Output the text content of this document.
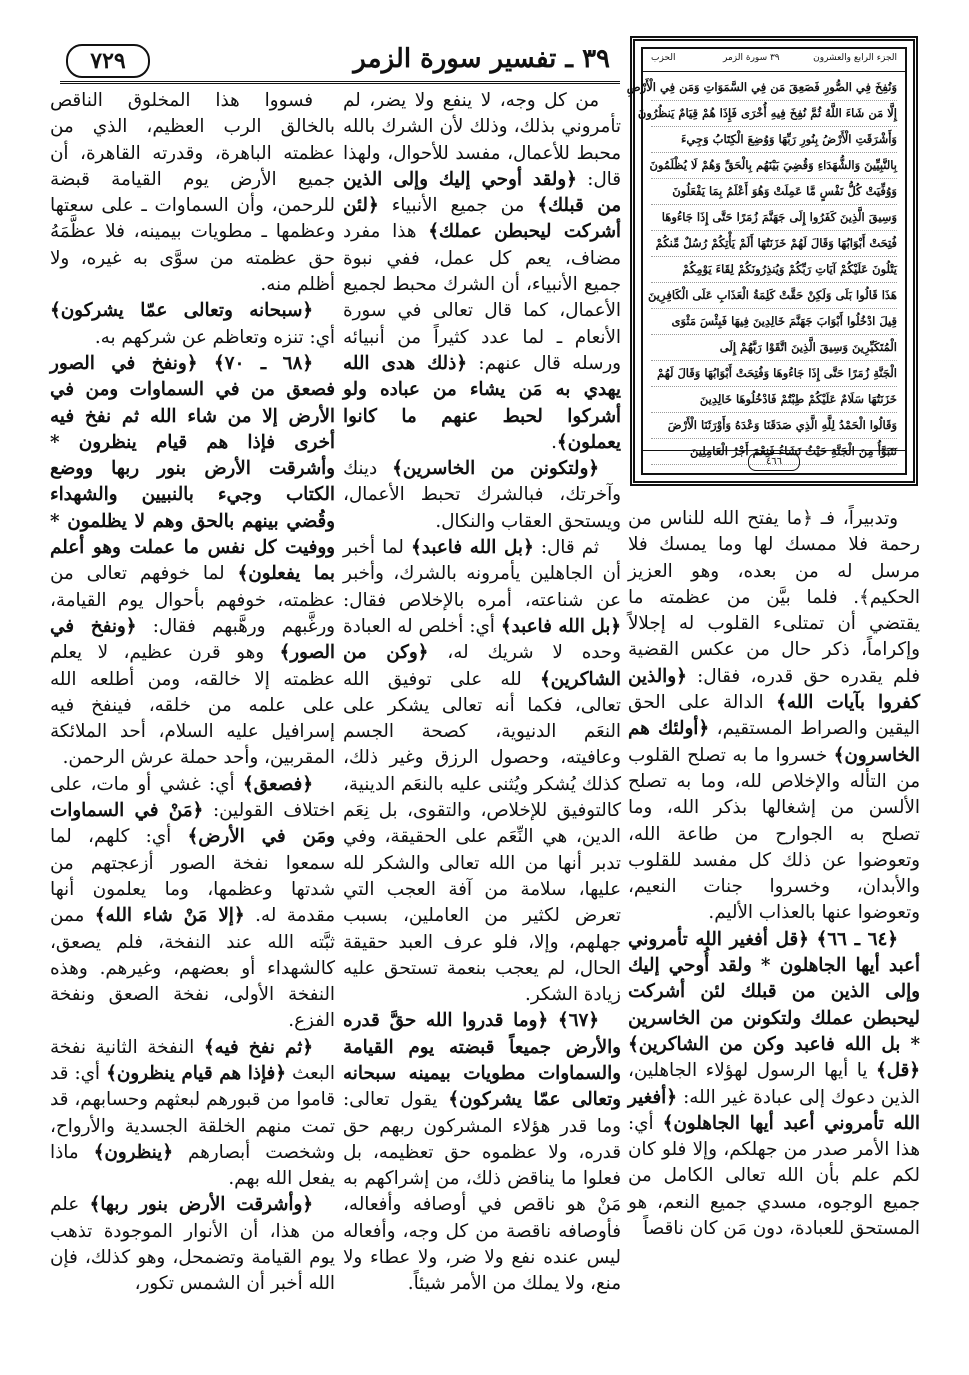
٣٩ ـ تفسير سورة الزمر
٧٢٩	الجزء الرابع والعشرون
٣٩ سورة الزمر
الحزب
وَنُفِخَ فِي الصُّورِ فَصَعِقَ مَن فِي السَّمَوَاتِ وَمَن فِي الْأَرْضِ
إِلَّا مَن شَاءَ اللَّهُ ثُمَّ نُفِخَ فِيهِ أُخْرَى فَإِذَا هُمْ قِيَامٌ يَنظُرُونَ
وَأَشْرَقَتِ الْأَرْضُ بِنُورِ رَبِّهَا وَوُضِعَ الْكِتَابُ وَجِيءَ
بِالنَّبِيِّينَ وَالشُّهَدَاءِ وَقُضِيَ بَيْنَهُم بِالْحَقِّ وَهُمْ لَا يُظْلَمُونَ
وَوُفِّيَتْ كُلُّ نَفْسٍ مَّا عَمِلَتْ وَهُوَ أَعْلَمُ بِمَا يَفْعَلُونَ
وَسِيقَ الَّذِينَ كَفَرُوا إِلَى جَهَنَّمَ زُمَرًا حَتَّى إِذَا جَاءُوهَا
فُتِحَتْ أَبْوَابُهَا وَقَالَ لَهُمْ خَزَنَتُهَا أَلَمْ يَأْتِكُمْ رُسُلٌ مِّنكُمْ
يَتْلُونَ عَلَيْكُمْ آيَاتِ رَبِّكُمْ وَيُنذِرُونَكُمْ لِقَاءَ يَوْمِكُمْ
هَذَا قَالُوا بَلَى وَلَكِنْ حَقَّتْ كَلِمَةُ الْعَذَابِ عَلَى الْكَافِرِينَ
قِيلَ ادْخُلُوا أَبْوَابَ جَهَنَّمَ خَالِدِينَ فِيهَا فَبِئْسَ مَثْوَى
الْمُتَكَبِّرِينَ وَسِيقَ الَّذِينَ اتَّقَوْا رَبَّهُمْ إِلَى
الْجَنَّةِ زُمَرًا حَتَّى إِذَا جَاءُوهَا وَفُتِحَتْ أَبْوَابُهَا وَقَالَ لَهُمْ
خَزَنَتُهَا سَلَامٌ عَلَيْكُمْ طِبْتُمْ فَادْخُلُوهَا خَالِدِينَ
وَقَالُوا الْحَمْدُ لِلَّهِ الَّذِي صَدَقَنَا وَعْدَهُ وَأَوْرَثَنَا الْأَرْضَ
نَتَبَوَّأُ مِنَ الْجَنَّةِ حَيْثُ نَشَاءُ فَنِعْمَ أَجْرُ الْعَامِلِينَ
٤٦٦

وتدبيراً، فـ ﴿ما يفتح الله للناس من رحمة فلا ممسك لها وما يمسك فلا مرسل له من بعده، وهو العزيز الحكيم﴾. فلما بيَّن من عظمته ما يقتضي أن تمتلىء القلوب له إجلالاً وإكراماً، ذكر حال من عكس القضية فلم يقدره حق قدره، فقال: ﴿والذين كفروا بآيات الله﴾ الدالة على الحق اليقين والصراط المستقيم، ﴿أولئك هم الخاسرون﴾ خسروا ما به تصلح القلوب من التأله والإخلاص لله، وما به تصلح الألسن من إشغالها بذكر الله، وما تصلح به الجوارح من طاعة الله، وتعوضوا عن ذلك كل مفسد للقلوب والأبدان، وخسروا جنات النعيم، وتعوضوا عنها بالعذاب الأليم.

﴿٦٤ ـ ٦٦﴾ ﴿قل أفغير الله تأمروني أعبد أيها الجاهلون * ولقد أُوحي إليك وإلى الذين من قبلك لئن أشركت ليحبطن عملك ولتكونن من الخاسرين * بل الله فاعبد وكن من الشاكرين﴾ ﴿قل﴾ يا أيها الرسول لهؤلاء الجاهلين، الذين دعوك إلى عبادة غير الله: ﴿أفغير الله تأمروني أعبد أيها الجاهلون﴾ أي: هذا الأمر صدر من جهلكم، وإلا فلو كان لكم علم بأن الله تعالى الكامل من جميع الوجوه، مسدي جميع النعم، هو المستحق للعبادة، دون مَن كان ناقصاً

من كل وجه، لا ينفع ولا يضر، لم تأمروني بذلك، وذلك لأن الشرك بالله محبط للأعمال، مفسد للأحوال، ولهذا قال: ﴿ولقد أوحي إليك وإلى الذين من قبلك﴾ من جميع الأنبياء ﴿لئن أشركت ليحبطن عملك﴾ هذا مفرد مضاف، يعم كل عمل، ففي نبوة جميع الأنبياء، أن الشرك محبط لجميع الأعمال، كما قال تعالى في سورة الأنعام ـ لما عدد كثيراً من أنبيائه ورسله قال عنهم: ﴿ذلك هدى الله يهدي به مَن يشاء من عباده ولو أشركوا لحبط عنهم ما كانوا يعملون﴾.

﴿ولتكونن من الخاسرين﴾ دينك وآخرتك، فبالشرك تحبط الأعمال، ويستحق العقاب والنكال.

ثم قال: ﴿بل الله فاعبد﴾ لما أخبر أن الجاهلين يأمرونه بالشرك، وأخبر عن شناعته، أمره بالإخلاص فقال: ﴿بل الله فاعبد﴾ أي: أخلص له العبادة وحده لا شريك له، ﴿وكن من الشاكرين﴾ لله على توفيق الله تعالى، فكما أنه تعالى يشكر على النعَم الدنيوية، كصحة الجسم وعافيته، وحصول الرزق وغير ذلك، كذلك يُشكر ويُثنى عليه بالنعَم الدينية، كالتوفيق للإخلاص، والتقوى، بل نِعَم الدين، هي النِّعَم على الحقيقة، وفي تدبر أنها من الله تعالى والشكر لله عليها، سلامة من آفة العجب التي تعرض لكثير من العاملين، بسبب جهلهم، وإلا، فلو عرف العبد حقيقة الحال، لم يعجب بنعمة تستحق عليه زيادة الشكر.

﴿٦٧﴾ ﴿وما قدروا الله حقَّ قدره والأرض جميعاً قبضته يوم القيامة والسماوات مطويات بيمينه سبحانه وتعالى عمّا يشركون﴾ يقول تعالى: وما قدر هؤلاء المشركون ربهم حق قدره، ولا عظموه حق تعظيمه، بل فعلوا ما يناقض ذلك، من إشراكهم به مَنْ هو ناقص في أوصافه وأفعاله، فأوصافه ناقصة من كل وجه، وأفعاله ليس عنده نفع ولا ضر، ولا عطاء ولا منع، ولا يملك من الأمر شيئاً.

فسووا هذا المخلوق الناقص بالخالق الرب العظيم، الذي من عظمته الباهرة، وقدرته القاهرة، أن جميع الأرض يوم القيامة قبضة للرحمن، وأن السماوات ـ على سعتها وعظمها ـ مطويات بيمينه، فلا عظَّمَهُ حق عظمته من سوَّى به غيره، ولا أظلم منه.

﴿سبحانه وتعالى عمّا يشركون﴾ أي: تنزه وتعاظم عن شركهم به.

﴿٦٨ ـ ٧٠﴾ ﴿ونفخ في الصور فصعق من في السماوات ومن في الأرض إلا من شاء الله ثم نفخ فيه أخرى فإذا هم قيام ينظرون * وأشرقت الأرض بنور ربها ووضع الكتاب وجيء بالنبيين والشهداء وقُضي بينهم بالحق وهم لا يظلمون * ووفيت كل نفس ما عملت وهو أعلم بما يفعلون﴾ لما خوفهم تعالى من عظمته، خوفهم بأحوال يوم القيامة، ورغَّبهم ورهَّبهم فقال: ﴿ونفخ في الصور﴾ وهو قرن عظيم، لا يعلم عظمته إلا خالقه، ومن أطلعه الله على علمه من خلقه، فينفخ فيه إسرافيل عليه السلام، أحد الملائكة المقربين، وأحد حملة عرش الرحمن.

﴿فصعق﴾ أي: غشي أو مات، على اختلاف القولين: ﴿مَنْ في السماوات ومَن في الأرض﴾ أي: كلهم، لما سمعوا نفخة الصور أزعجتهم من شدتها وعظمها، وما يعلمون أنها مقدمة له. ﴿إلا مَنْ شاء الله﴾ ممن ثبَّته الله عند النفخة، فلم يصعق، كالشهداء أو بعضهم، وغيرهم. وهذه النفخة الأولى، نفخة الصعق ونفخة الفزع.

﴿ثم نفخ فيه﴾ النفخة الثانية نفخة البعث ﴿فإذا هم قيام ينظرون﴾ أي: قد قاموا من قبورهم لبعثهم وحسابهم، قد تمت منهم الخلقة الجسدية والأرواح، وشخصت أبصارهم ﴿ينظرون﴾ ماذا يفعل الله بهم.

﴿وأشرقت الأرض بنور ربها﴾ علم من هذا، أن الأنوار الموجودة تذهب يوم القيامة وتضمحل، وهو كذلك، فإن الله أخبر أن الشمس تكور،
